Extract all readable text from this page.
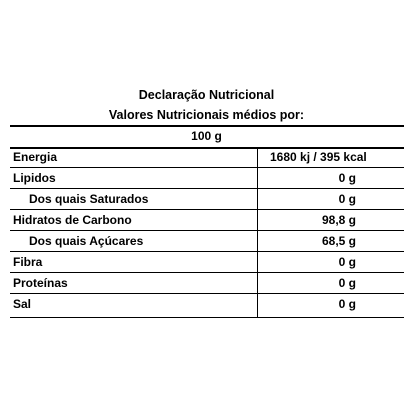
Declaração Nutricional
Valores Nutricionais médios por:
100 g
Energia	1680 kj / 395 kcal
Lipidos	0 g
Dos quais Saturados	0 g
Hidratos de Carbono	98,8 g
Dos quais Açúcares	68,5 g
Fibra	0 g
Proteínas	0 g
Sal	0 g
